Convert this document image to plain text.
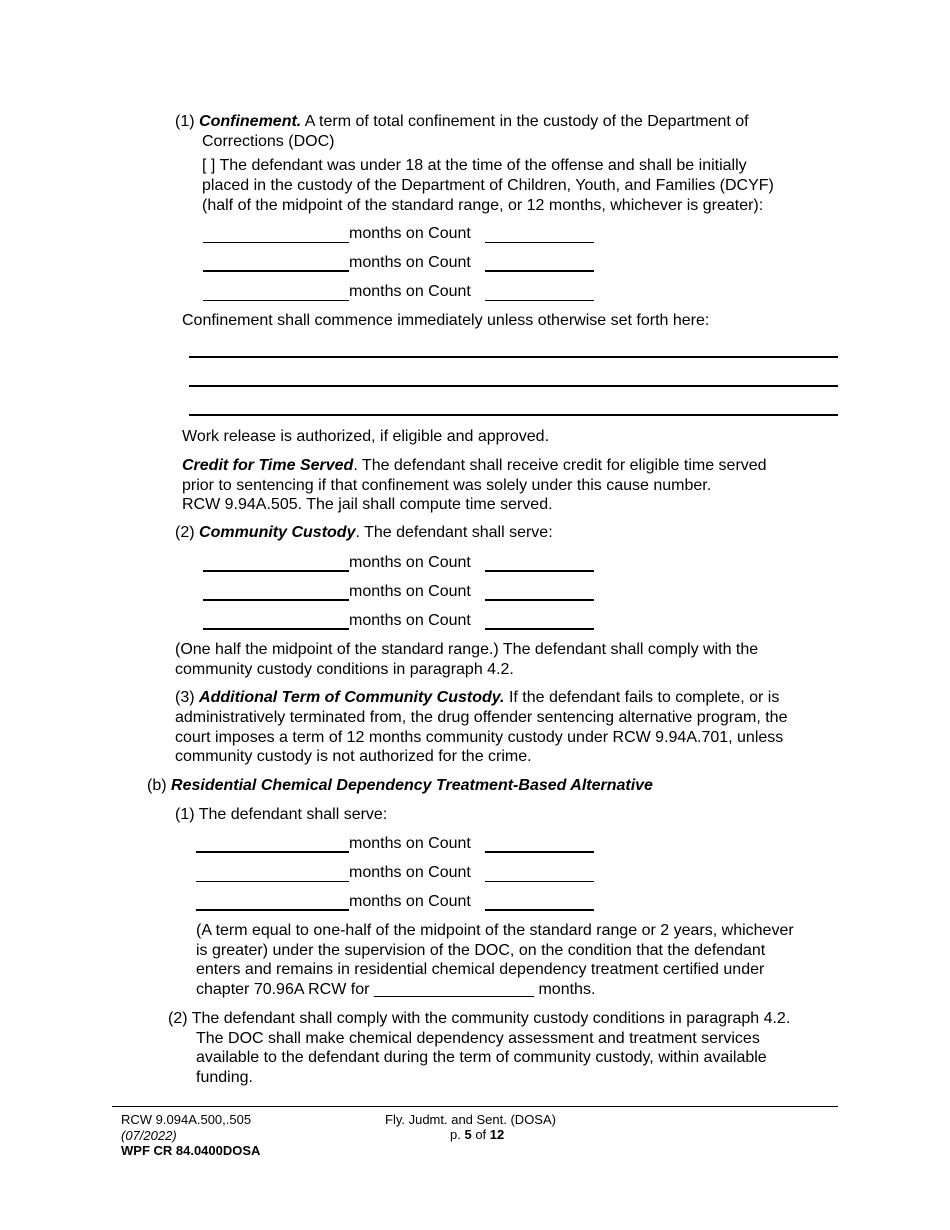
(1) Confinement. A term of total confinement in the custody of the Department of
Corrections (DOC)
[ ] The defendant was under 18 at the time of the offense and shall be initially
placed in the custody of the Department of Children, Youth, and Families (DCYF)
(half of the midpoint of the standard range, or 12 months, whichever is greater):
months on Count
months on Count
months on Count
Confinement shall commence immediately unless otherwise set forth here:
Work release is authorized, if eligible and approved.
Credit for Time Served. The defendant shall receive credit for eligible time served
prior to sentencing if that confinement was solely under this cause number.
RCW 9.94A.505. The jail shall compute time served.
(2) Community Custody. The defendant shall serve:
months on Count
months on Count
months on Count
(One half the midpoint of the standard range.) The defendant shall comply with the
community custody conditions in paragraph 4.2.
(3) Additional Term of Community Custody. If the defendant fails to complete, or is
administratively terminated from, the drug offender sentencing alternative program, the
court imposes a term of 12 months community custody under RCW 9.94A.701, unless
community custody is not authorized for the crime.
(b) Residential Chemical Dependency Treatment-Based Alternative
(1) The defendant shall serve:
months on Count
months on Count
months on Count
(A term equal to one-half of the midpoint of the standard range or 2 years, whichever
is greater) under the supervision of the DOC, on the condition that the defendant
enters and remains in residential chemical dependency treatment certified under
chapter 70.96A RCW for __________________ months.
(2) The defendant shall comply with the community custody conditions in paragraph 4.2.
The DOC shall make chemical dependency assessment and treatment services
available to the defendant during the term of community custody, within available
funding.
RCW 9.094A.500,.505
(07/2022)
WPF CR 84.0400DOSA
Fly. Judmt. and Sent. (DOSA)
p. 5 of 12
